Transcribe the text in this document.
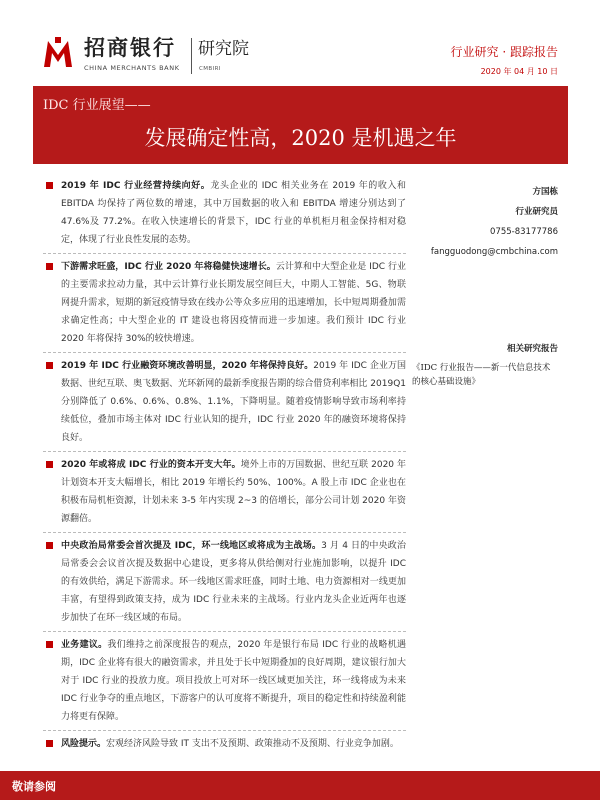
招商银行
CHINA MERCHANTS BANK
研究院
CMBIRI
行业研究 · 跟踪报告
2020 年 04 月 10 日
IDC 行业展望——
发展确定性高，2020 是机遇之年
2019 年 IDC 行业经营持续向好。龙头企业的 IDC 相关业务在 2019 年的收入和 EBITDA 均保持了两位数的增速，其中万国数据的收入和 EBITDA 增速分别达到了 47.6%及 77.2%。在收入快速增长的背景下，IDC 行业的单机柜月租金保持相对稳定，体现了行业良性发展的态势。
下游需求旺盛，IDC 行业 2020 年将稳健快速增长。云计算和中大型企业是 IDC 行业的主要需求拉动力量，其中云计算行业长期发展空间巨大，中期人工智能、5G、物联网提升需求，短期的新冠疫情导致在线办公等众多应用的迅速增加，长中短周期叠加需求确定性高；中大型企业的 IT 建设也将因疫情而进一步加速。我们预计 IDC 行业 2020 年将保持 30%的较快增速。
2019 年 IDC 行业融资环境改善明显，2020 年将保持良好。2019 年 IDC 企业万国数据、世纪互联、奥飞数据、光环新网的最新季度报告期的综合借贷利率相比 2019Q1 分别降低了 0.6%、0.6%、0.8%、1.1%，下降明显。随着疫情影响导致市场利率持续低位，叠加市场主体对 IDC 行业认知的提升，IDC 行业 2020 年的融资环境将保持良好。
2020 年或将成 IDC 行业的资本开支大年。境外上市的万国数据、世纪互联 2020 年计划资本开支大幅增长，相比 2019 年增长约 50%、100%。A 股上市 IDC 企业也在积极布局机柜资源，计划未来 3-5 年内实现 2~3 的倍增长，部分公司计划 2020 年资源翻倍。
中央政治局常委会首次提及 IDC，环一线地区或将成为主战场。3 月 4 日的中央政治局常委会会议首次提及数据中心建设，更多将从供给侧对行业施加影响，以提升 IDC 的有效供给，满足下游需求。环一线地区需求旺盛，同时土地、电力资源相对一线更加丰富，有望得到政策支持，成为 IDC 行业未来的主战场。行业内龙头企业近两年也逐步加快了在环一线区域的布局。
业务建议。我们维持之前深度报告的观点，2020 年是银行布局 IDC 行业的战略机遇期，IDC 企业将有很大的融资需求，并且处于长中短期叠加的良好周期，建议银行加大对于 IDC 行业的投放力度。项目投放上可对环一线区域更加关注，环一线将成为未来 IDC 行业争夺的重点地区，下游客户的认可度将不断提升，项目的稳定性和持续盈利能力将更有保障。
风险提示。宏观经济风险导致 IT 支出不及预期、政策推动不及预期、行业竞争加剧。
方国栋
行业研究员
0755-83177786
fangguodong@cmbchina.com
相关研究报告
《IDC 行业报告——新一代信息技术的核心基础设施》
敬请参阅
